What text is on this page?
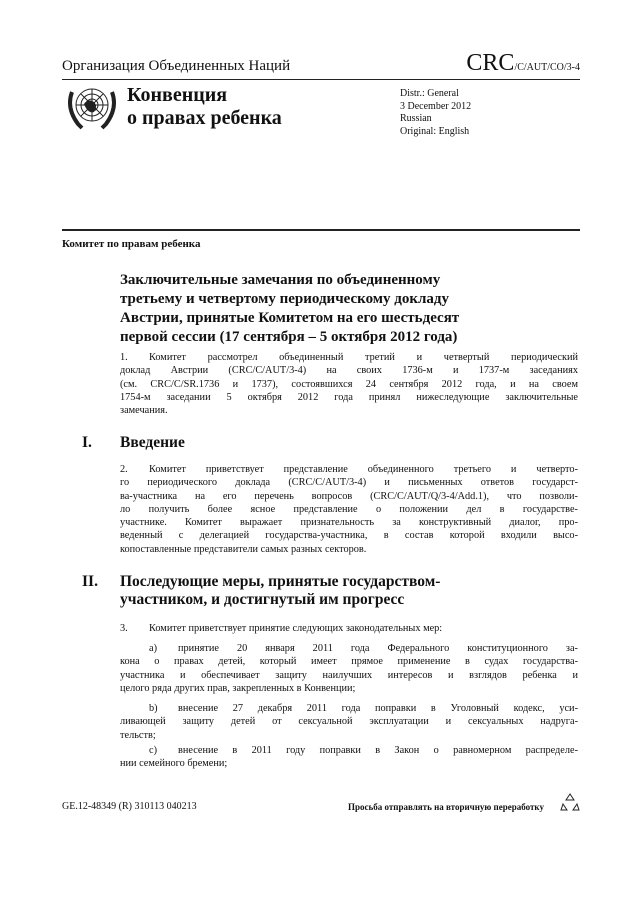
Организация Объединенных Наций	CRC/C/AUT/CO/3-4
Конвенция
о правах ребенка
Distr.: General
3 December 2012
Russian
Original: English
Комитет по правам ребенка
Заключительные замечания по объединенному
третьему и четвертому периодическому докладу
Австрии, принятые Комитетом на его шестьдесят
первой сессии (17 сентября – 5 октября 2012 года)
1. Комитет рассмотрел объединенный третий и четвертый периодический
доклад Австрии (CRC/C/AUT/3-4) на своих 1736-м и 1737-м заседаниях
(см. CRC/C/SR.1736 и 1737), состоявшихся 24 сентября 2012 года, и на своем
1754-м заседании 5 октября 2012 года принял нижеследующие заключительные
замечания.
I. Введение
2. Комитет приветствует представление объединенного третьего и четверто-
го периодического доклада (CRC/C/AUT/3-4) и письменных ответов государст-
ва-участника на его перечень вопросов (CRC/C/AUT/Q/3-4/Add.1), что позволи-
ло получить более ясное представление о положении дел в государстве-
участнике. Комитет выражает признательность за конструктивный диалог, про-
веденный с делегацией государства-участника, в состав которой входили высо-
копоставленные представители самых разных секторов.
II. Последующие меры, принятые государством-
участником, и достигнутый им прогресс
3. Комитет приветствует принятие следующих законодательных мер:
a) принятие 20 января 2011 года Федерального конституционного за-
кона о правах детей, который имеет прямое применение в судах государства-
участника и обеспечивает защиту наилучших интересов и взглядов ребенка и
целого ряда других прав, закрепленных в Конвенции;
b) внесение 27 декабря 2011 года поправки в Уголовный кодекс, уси-
ливающей защиту детей от сексуальной эксплуатации и сексуальных надруга-
тельств;
c) внесение в 2011 году поправки в Закон о равномерном распределе-
нии семейного бремени;
GE.12-48349 (R) 310113 040213	Просьба отправлять на вторичную переработку
